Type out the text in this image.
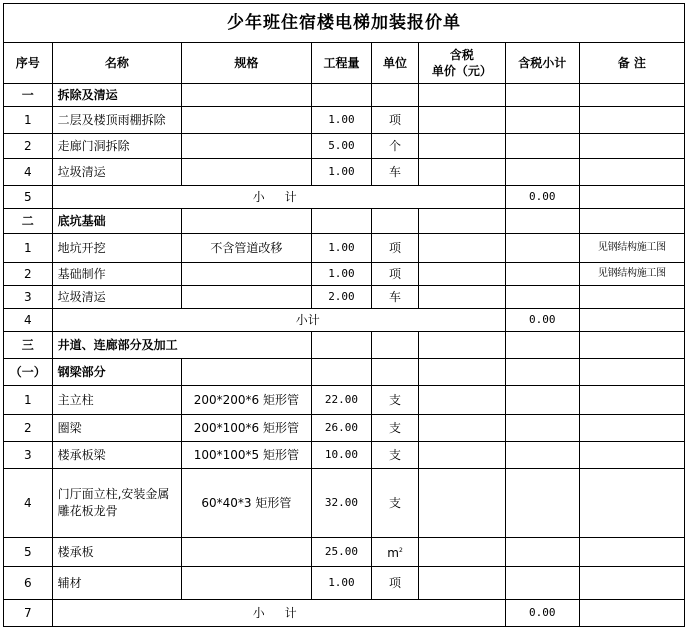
少年班住宿楼电梯加装报价单							
序号	名称	规格	工程量	单位	含税
单价（元）	含税小计	备 注
一	拆除及清运						
1	二层及楼顶雨棚拆除		1.00	项			
2	走廊门洞拆除		5.00	个			
4	垃圾清运		1.00	车			
5	小 计					0.00	
二	底坑基础						
1	地坑开挖	不含管道改移	1.00	项			见钢结构施工图
2	基础制作		1.00	项			见钢结构施工图
3	垃圾清运		2.00	车			
4	小计					0.00	
三	井道、连廊部分及加工						
（一）	钢梁部分						
1	主立柱	200*200*6 矩形管	22.00	支			
2	圈梁	200*100*6 矩形管	26.00	支			
3	楼承板梁	100*100*5 矩形管	10.00	支			
4	门厅面立柱,安装金属雕花板龙骨	60*40*3 矩形管	32.00	支			
5	楼承板		25.00	$m^2$			
6	辅材		1.00	项			
7	小 计					0.00	
